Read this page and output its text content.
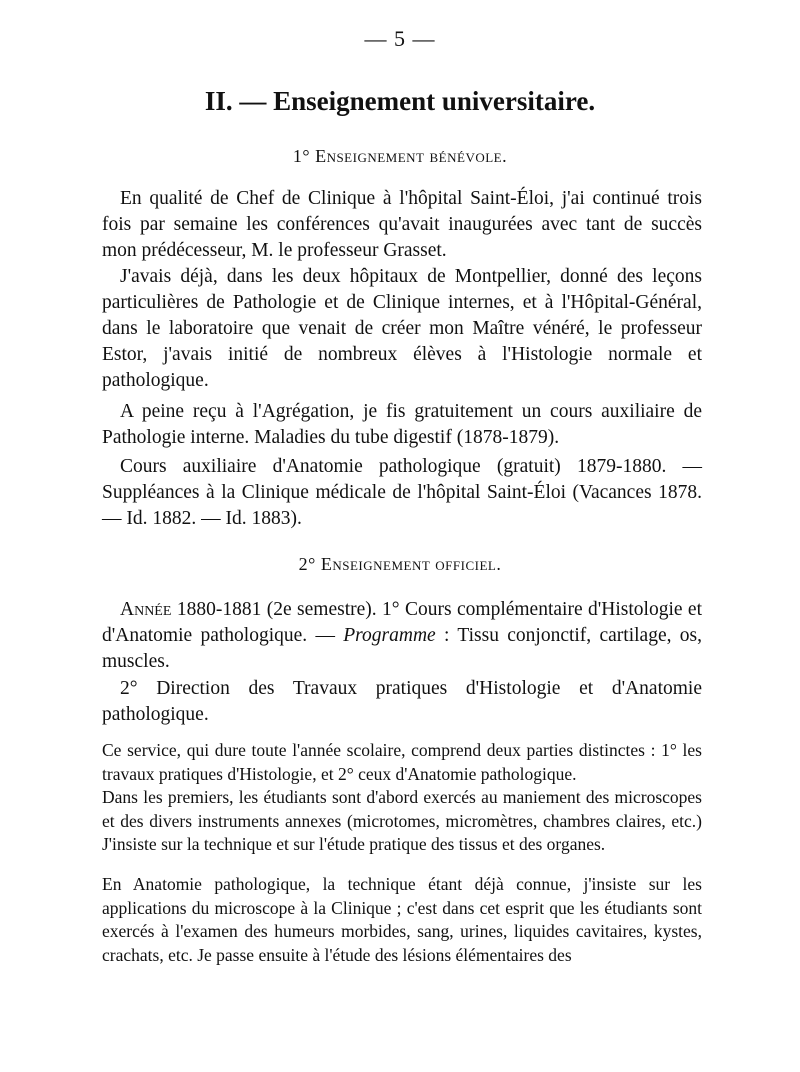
— 5 —
II. — Enseignement universitaire.
1° Enseignement bénévole.

En qualité de Chef de Clinique à l'hôpital Saint-Éloi, j'ai continué trois fois par semaine les conférences qu'avait inaugurées avec tant de succès mon prédécesseur, M. le professeur Grasset.

J'avais déjà, dans les deux hôpitaux de Montpellier, donné des leçons particulières de Pathologie et de Clinique internes, et à l'Hôpital-Général, dans le laboratoire que venait de créer mon Maître vénéré, le professeur Estor, j'avais initié de nombreux élèves à l'Histologie normale et pathologique.

A peine reçu à l'Agrégation, je fis gratuitement un cours auxiliaire de Pathologie interne. Maladies du tube digestif (1878-1879).

Cours auxiliaire d'Anatomie pathologique (gratuit) 1879-1880. — Suppléances à la Clinique médicale de l'hôpital Saint-Éloi (Vacances 1878. — Id. 1882. — Id. 1883).

2° Enseignement officiel.

Année 1880-1881 (2e semestre). 1° Cours complémentaire d'Histologie et d'Anatomie pathologique. — Programme : Tissu conjonctif, cartilage, os, muscles.

2° Direction des Travaux pratiques d'Histologie et d'Anatomie pathologique.

Ce service, qui dure toute l'année scolaire, comprend deux parties distinctes : 1° les travaux pratiques d'Histologie, et 2° ceux d'Anatomie pathologique.

Dans les premiers, les étudiants sont d'abord exercés au maniement des microscopes et des divers instruments annexes (microtomes, micromètres, chambres claires, etc.) J'insiste sur la technique et sur l'étude pratique des tissus et des organes.

En Anatomie pathologique, la technique étant déjà connue, j'insiste sur les applications du microscope à la Clinique ; c'est dans cet esprit que les étudiants sont exercés à l'examen des humeurs morbides, sang, urines, liquides cavitaires, kystes, crachats, etc. Je passe ensuite à l'étude des lésions élémentaires des
